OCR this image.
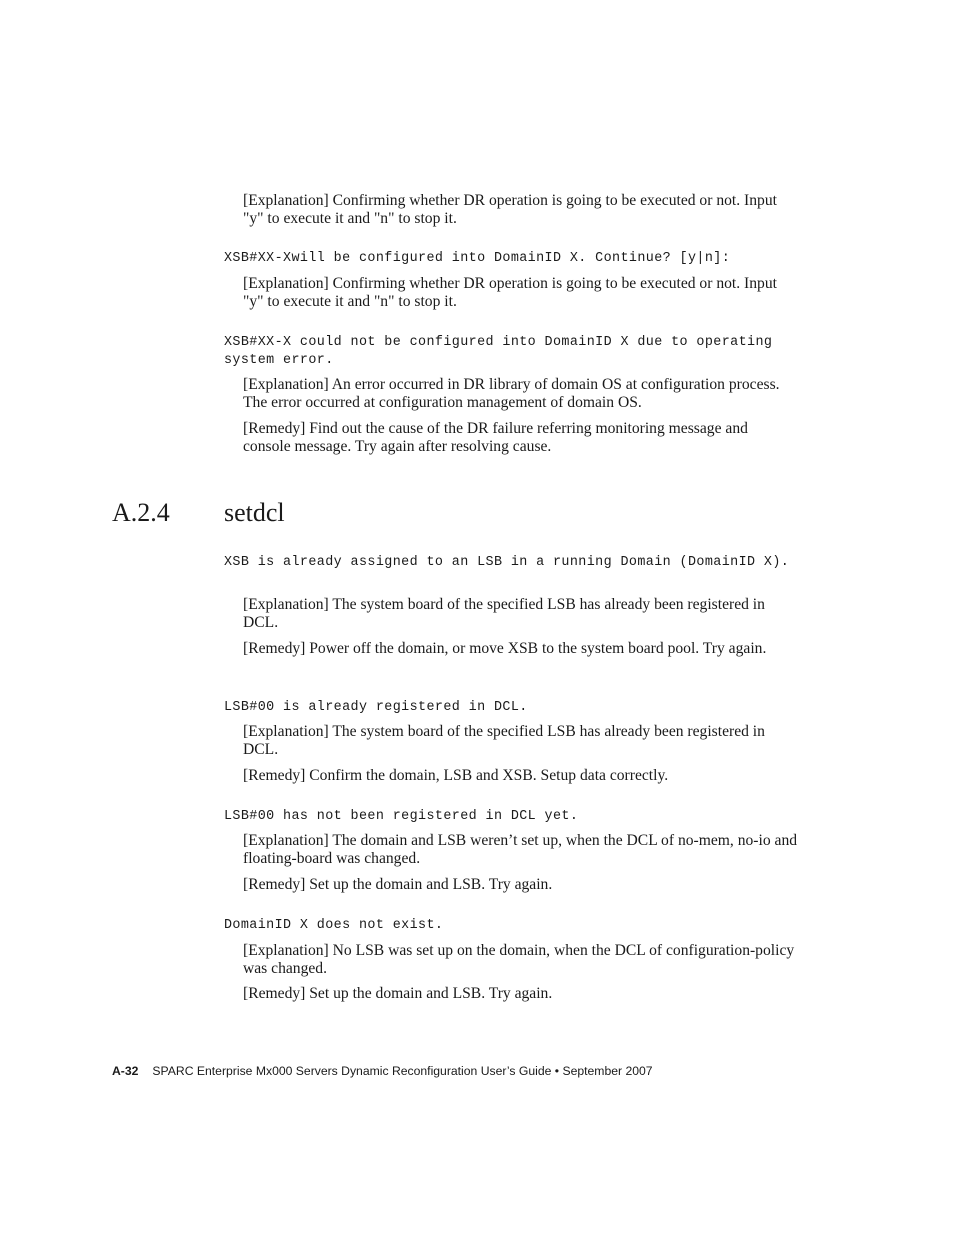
[Explanation] Confirming whether DR operation is going to be executed or not. Input "y" to execute it and "n" to stop it.

XSB#XX-Xwill be configured into DomainID X. Continue? [y|n]:

[Explanation] Confirming whether DR operation is going to be executed or not. Input "y" to execute it and "n" to stop it.

XSB#XX-X could not be configured into DomainID X due to operating system error.

[Explanation] An error occurred in DR library of domain OS at configuration process. The error occurred at configuration management of domain OS.

[Remedy] Find out the cause of the DR failure referring monitoring message and console message. Try again after resolving cause.

A.2.4 setdcl

XSB is already assigned to an LSB in a running Domain (DomainID X).

[Explanation] The system board of the specified LSB has already been registered in DCL.

[Remedy] Power off the domain, or move XSB to the system board pool. Try again.

LSB#00 is already registered in DCL.

[Explanation] The system board of the specified LSB has already been registered in DCL.

[Remedy] Confirm the domain, LSB and XSB. Setup data correctly.

LSB#00 has not been registered in DCL yet.

[Explanation] The domain and LSB weren’t set up, when the DCL of no-mem, no-io and floating-board was changed.

[Remedy] Set up the domain and LSB. Try again.

DomainID X does not exist.

[Explanation] No LSB was set up on the domain, when the DCL of configuration-policy was changed.

[Remedy] Set up the domain and LSB. Try again.

A-32 SPARC Enterprise Mx000 Servers Dynamic Reconfiguration User’s Guide • September 2007
